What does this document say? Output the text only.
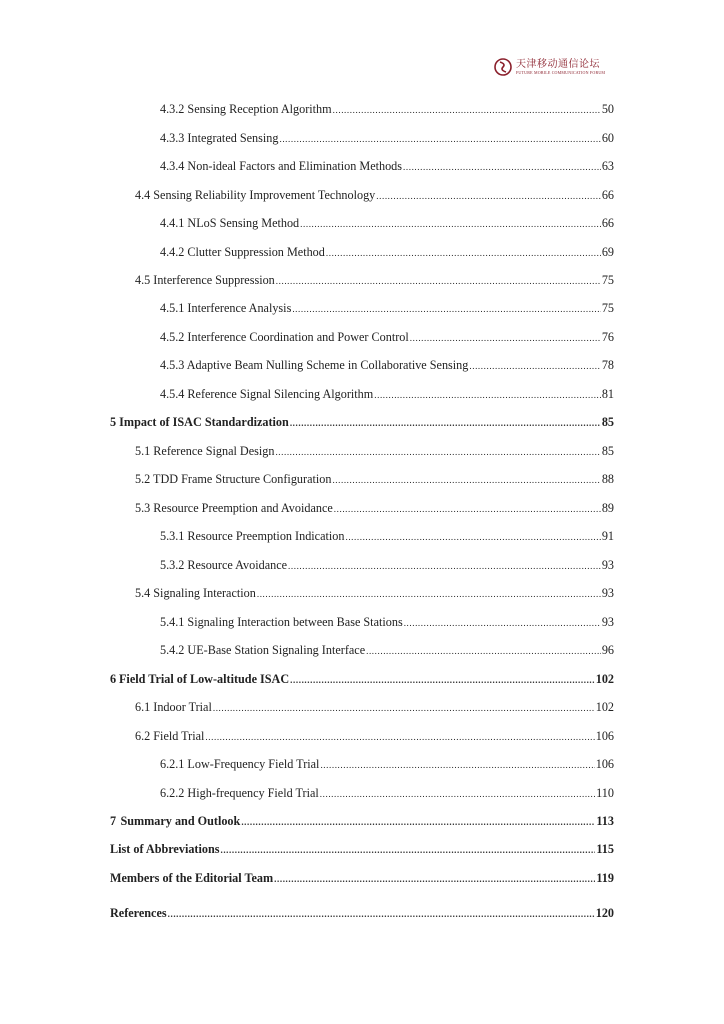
天津移动通信论坛
FUTURE MOBILE COMMUNICATION FORUM
4.3.2 Sensing Reception Algorithm .....	50
4.3.3 Integrated Sensing .....	60
4.3.4 Non-ideal Factors and Elimination Methods .....	63
4.4 Sensing Reliability Improvement Technology .....	66
4.4.1 NLoS Sensing Method .....	66
4.4.2 Clutter Suppression Method .....	69
4.5 Interference Suppression .....	75
4.5.1 Interference Analysis .....	75
4.5.2 Interference Coordination and Power Control .....	76
4.5.3 Adaptive Beam Nulling Scheme in Collaborative Sensing .....	78
4.5.4 Reference Signal Silencing Algorithm .....	81
5 Impact of ISAC Standardization .....	85
5.1 Reference Signal Design .....	85
5.2 TDD Frame Structure Configuration .....	88
5.3 Resource Preemption and Avoidance .....	89
5.3.1 Resource Preemption Indication .....	91
5.3.2 Resource Avoidance .....	93
5.4 Signaling Interaction .....	93
5.4.1 Signaling Interaction between Base Stations .....	93
5.4.2 UE-Base Station Signaling Interface .....	96
6 Field Trial of Low-altitude ISAC .....	102
6.1 Indoor Trial .....	102
6.2 Field Trial .....	106
6.2.1 Low-Frequency Field Trial .....	106
6.2.2 High-frequency Field Trial .....	110
7 Summary and Outlook .....	113
List of Abbreviations .....	115
Members of the Editorial Team .....	119
References .....	120
